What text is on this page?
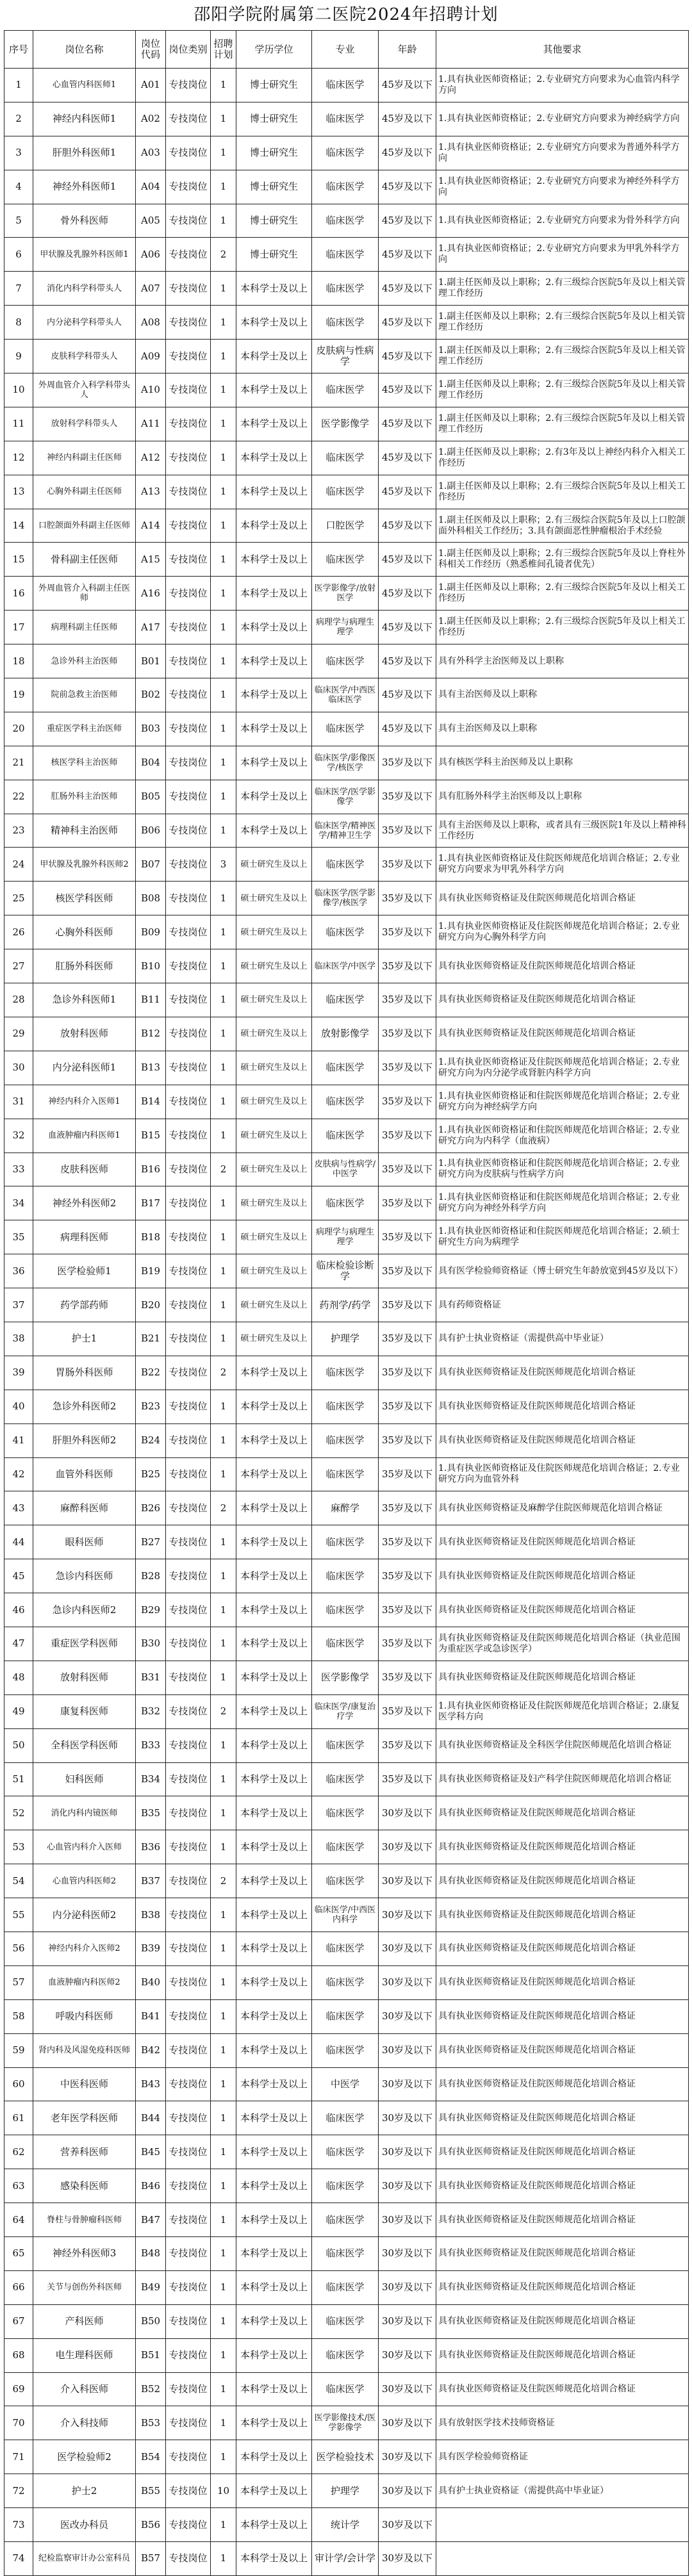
邵阳学院附属第二医院2024年招聘计划
序号	岗位名称	岗位代码	岗位类别	招聘计划	学历学位	专业	年龄	其他要求
1	心血管内科医师1	A01	专技岗位	1	博士研究生	临床医学	45岁及以下	1.具有执业医师资格证；2.专业研究方向要求为心血管内科学方向
2	神经内科医师1	A02	专技岗位	1	博士研究生	临床医学	45岁及以下	1.具有执业医师资格证；2.专业研究方向要求为神经病学方向
3	肝胆外科医师1	A03	专技岗位	1	博士研究生	临床医学	45岁及以下	1.具有执业医师资格证；2.专业研究方向要求为普通外科学方向
4	神经外科医师1	A04	专技岗位	1	博士研究生	临床医学	45岁及以下	1.具有执业医师资格证；2.专业研究方向要求为神经外科学方向
5	骨外科医师	A05	专技岗位	1	博士研究生	临床医学	45岁及以下	1.具有执业医师资格证；2.专业研究方向要求为骨外科学方向
6	甲状腺及乳腺外科医师1	A06	专技岗位	2	博士研究生	临床医学	45岁及以下	1.具有执业医师资格证；2.专业研究方向要求为甲乳外科学方向
7	消化内科学科带头人	A07	专技岗位	1	本科学士及以上	临床医学	45岁及以下	1.副主任医师及以上职称；2.有三级综合医院5年及以上相关管理工作经历
8	内分泌科学科带头人	A08	专技岗位	1	本科学士及以上	临床医学	45岁及以下	1.副主任医师及以上职称；2.有三级综合医院5年及以上相关管理工作经历
9	皮肤科学科带头人	A09	专技岗位	1	本科学士及以上	皮肤病与性病学	45岁及以下	1.副主任医师及以上职称；2.有三级综合医院5年及以上相关管理工作经历
10	外周血管介入科学科带头人	A10	专技岗位	1	本科学士及以上	临床医学	45岁及以下	1.副主任医师及以上职称；2.有三级综合医院5年及以上相关管理工作经历
11	放射科学科带头人	A11	专技岗位	1	本科学士及以上	医学影像学	45岁及以下	1.副主任医师及以上职称；2.有三级综合医院5年及以上相关管理工作经历
12	神经内科副主任医师	A12	专技岗位	1	本科学士及以上	临床医学	45岁及以下	1.副主任医师及以上职称；2.有3年及以上神经内科介入相关工作经历
13	心胸外科副主任医师	A13	专技岗位	1	本科学士及以上	临床医学	45岁及以下	1.副主任医师及以上职称；2.有三级综合医院5年及以上相关工作经历
14	口腔颌面外科副主任医师	A14	专技岗位	1	本科学士及以上	口腔医学	45岁及以下	1.副主任医师及以上职称；2.有三级综合医院5年及以上口腔颌面外科相关工作经历；3.具有颌面恶性肿瘤根治手术经验
15	骨科副主任医师	A15	专技岗位	1	本科学士及以上	临床医学	45岁及以下	1.副主任医师及以上职称；2.有三级综合医院5年及以上脊柱外科相关工作经历（熟悉椎间孔镜者优先）
16	外周血管介入科副主任医师	A16	专技岗位	1	本科学士及以上	医学影像学/放射医学	45岁及以下	1.副主任医师及以上职称；2.有三级综合医院5年及以上相关工作经历
17	病理科副主任医师	A17	专技岗位	1	本科学士及以上	病理学与病理生理学	45岁及以下	1.副主任医师及以上职称；2.有三级综合医院5年及以上相关工作经历
18	急诊外科主治医师	B01	专技岗位	1	本科学士及以上	临床医学	45岁及以下	具有外科学主治医师及以上职称
19	院前急救主治医师	B02	专技岗位	1	本科学士及以上	临床医学/中西医临床医学	45岁及以下	具有主治医师及以上职称
20	重症医学科主治医师	B03	专技岗位	1	本科学士及以上	临床医学	45岁及以下	具有主治医师及以上职称
21	核医学科主治医师	B04	专技岗位	1	本科学士及以上	临床医学/影像医学/核医学	35岁及以下	具有核医学科主治医师及以上职称
22	肛肠外科主治医师	B05	专技岗位	1	本科学士及以上	临床医学/医学影像学	35岁及以下	具有肛肠外科学主治医师及以上职称
23	精神科主治医师	B06	专技岗位	1	本科学士及以上	临床医学/精神医学/精神卫生学	35岁及以下	具有主治医师及以上职称，或者具有三级医院1年及以上精神科工作经历
24	甲状腺及乳腺外科医师2	B07	专技岗位	3	硕士研究生及以上	临床医学	35岁及以下	1.具有执业医师资格证及住院医师规范化培训合格证；2.专业研究方向要求为甲乳外科学方向
25	核医学科医师	B08	专技岗位	1	硕士研究生及以上	临床医学/医学影像学/核医学	35岁及以下	具有执业医师资格证及住院医师规范化培训合格证
26	心胸外科医师	B09	专技岗位	1	硕士研究生及以上	临床医学	35岁及以下	1.具有执业医师资格证及住院医师规范化培训合格证；2.专业研究方向为心胸外科学方向
27	肛肠外科医师	B10	专技岗位	1	硕士研究生及以上	临床医学/中医学	35岁及以下	具有执业医师资格证及住院医师规范化培训合格证
28	急诊外科医师1	B11	专技岗位	1	硕士研究生及以上	临床医学	35岁及以下	具有执业医师资格证及住院医师规范化培训合格证
29	放射科医师	B12	专技岗位	1	硕士研究生及以上	放射影像学	35岁及以下	具有执业医师资格证及住院医师规范化培训合格证
30	内分泌科医师1	B13	专技岗位	1	硕士研究生及以上	临床医学	35岁及以下	1.具有执业医师资格证及住院医师规范化培训合格证；2.专业研究方向为内分泌学或肾脏内科学方向
31	神经内科介入医师1	B14	专技岗位	1	硕士研究生及以上	临床医学	35岁及以下	1.具有执业医师资格证和住院医师规范化培训合格证；2.专业研究方向为神经病学方向
32	血液肿瘤内科医师1	B15	专技岗位	1	硕士研究生及以上	临床医学	35岁及以下	1.具有执业医师资格证和住院医师规范化培训合格证；2.专业研究方向为内科学（血液病）
33	皮肤科医师	B16	专技岗位	2	硕士研究生及以上	皮肤病与性病学/中医学	35岁及以下	1.具有执业医师资格证和住院医师规范化培训合格证；2.专业研究方向为皮肤病与性病学方向
34	神经外科医师2	B17	专技岗位	1	硕士研究生及以上	临床医学	35岁及以下	1.具有执业医师资格证和住院医师规范化培训合格证；2.专业研究方向为神经外科学方向
35	病理科医师	B18	专技岗位	1	硕士研究生及以上	病理学与病理生理学	35岁及以下	1.具有执业医师资格证和住院医师规范化培训合格证；2.硕士研究生方向为病理学
36	医学检验师1	B19	专技岗位	1	硕士研究生及以上	临床检验诊断学	35岁及以下	具有医学检验师资格证（博士研究生年龄放宽到45岁及以下）
37	药学部药师	B20	专技岗位	1	硕士研究生及以上	药剂学/药学	35岁及以下	具有药师资格证
38	护士1	B21	专技岗位	1	硕士研究生及以上	护理学	35岁及以下	具有护士执业资格证（需提供高中毕业证）
39	胃肠外科医师	B22	专技岗位	2	本科学士及以上	临床医学	35岁及以下	具有执业医师资格证及住院医师规范化培训合格证
40	急诊外科医师2	B23	专技岗位	1	本科学士及以上	临床医学	35岁及以下	具有执业医师资格证及住院医师规范化培训合格证
41	肝胆外科医师2	B24	专技岗位	1	本科学士及以上	临床医学	35岁及以下	具有执业医师资格证及住院医师规范化培训合格证
42	血管外科医师	B25	专技岗位	1	本科学士及以上	临床医学	35岁及以下	1.具有执业医师资格证及住院医师规范化培训合格证；2.专业研究方向为血管外科
43	麻醉科医师	B26	专技岗位	2	本科学士及以上	麻醉学	35岁及以下	具有执业医师资格证及麻醉学住院医师规范化培训合格证
44	眼科医师	B27	专技岗位	1	本科学士及以上	临床医学	35岁及以下	具有执业医师资格证及住院医师规范化培训合格证
45	急诊内科医师	B28	专技岗位	1	本科学士及以上	临床医学	35岁及以下	具有执业医师资格证及住院医师规范化培训合格证
46	急诊内科医师2	B29	专技岗位	1	本科学士及以上	临床医学	35岁及以下	具有执业医师资格证及住院医师规范化培训合格证
47	重症医学科医师	B30	专技岗位	1	本科学士及以上	临床医学	35岁及以下	具有执业医师资格证及住院医师规范化培训合格证（执业范围为重症医学或急诊医学）
48	放射科医师	B31	专技岗位	1	本科学士及以上	医学影像学	35岁及以下	具有执业医师资格证及住院医师规范化培训合格证
49	康复科医师	B32	专技岗位	2	本科学士及以上	临床医学/康复治疗学	35岁及以下	1.具有执业医师资格证及住院医师规范化培训合格证；2.康复医学科方向
50	全科医学科医师	B33	专技岗位	1	本科学士及以上	临床医学	35岁及以下	具有执业医师资格证及全科医学住院医师规范化培训合格证
51	妇科医师	B34	专技岗位	1	本科学士及以上	临床医学	35岁及以下	具有执业医师资格证及妇产科学住院医师规范化培训合格证
52	消化内科内镜医师	B35	专技岗位	1	本科学士及以上	临床医学	30岁及以下	具有执业医师资格证及住院医师规范化培训合格证
53	心血管内科介入医师	B36	专技岗位	1	本科学士及以上	临床医学	30岁及以下	具有执业医师资格证及住院医师规范化培训合格证
54	心血管内科医师2	B37	专技岗位	2	本科学士及以上	临床医学	30岁及以下	具有执业医师资格证及住院医师规范化培训合格证
55	内分泌科医师2	B38	专技岗位	1	本科学士及以上	临床医学/中西医内科学	30岁及以下	具有执业医师资格证及住院医师规范化培训合格证
56	神经内科介入医师2	B39	专技岗位	1	本科学士及以上	临床医学	30岁及以下	具有执业医师资格证及住院医师规范化培训合格证
57	血液肿瘤内科医师2	B40	专技岗位	1	本科学士及以上	临床医学	30岁及以下	具有执业医师资格证及住院医师规范化培训合格证
58	呼吸内科医师	B41	专技岗位	1	本科学士及以上	临床医学	30岁及以下	具有执业医师资格证及住院医师规范化培训合格证
59	肾内科及风湿免疫科医师	B42	专技岗位	1	本科学士及以上	临床医学	30岁及以下	具有执业医师资格证及住院医师规范化培训合格证
60	中医科医师	B43	专技岗位	1	本科学士及以上	中医学	30岁及以下	具有执业医师资格证及住院医师规范化培训合格证
61	老年医学科医师	B44	专技岗位	1	本科学士及以上	临床医学	30岁及以下	具有执业医师资格证及住院医师规范化培训合格证
62	营养科医师	B45	专技岗位	1	本科学士及以上	临床医学	30岁及以下	具有执业医师资格证及住院医师规范化培训合格证
63	感染科医师	B46	专技岗位	1	本科学士及以上	临床医学	30岁及以下	具有执业医师资格证及住院医师规范化培训合格证
64	脊柱与骨肿瘤科医师	B47	专技岗位	1	本科学士及以上	临床医学	30岁及以下	具有执业医师资格证及住院医师规范化培训合格证
65	神经外科医师3	B48	专技岗位	1	本科学士及以上	临床医学	30岁及以下	具有执业医师资格证及住院医师规范化培训合格证
66	关节与创伤外科医师	B49	专技岗位	1	本科学士及以上	临床医学	30岁及以下	具有执业医师资格证及住院医师规范化培训合格证
67	产科医师	B50	专技岗位	1	本科学士及以上	临床医学	30岁及以下	具有执业医师资格证及住院医师规范化培训合格证
68	电生理科医师	B51	专技岗位	1	本科学士及以上	临床医学	30岁及以下	具有执业医师资格证及住院医师规范化培训合格证
69	介入科医师	B52	专技岗位	1	本科学士及以上	临床医学	30岁及以下	具有执业医师资格证及住院医师规范化培训合格证
70	介入科技师	B53	专技岗位	1	本科学士及以上	医学影像技术/医学影像学	30岁及以下	具有放射医学技术技师资格证
71	医学检验师2	B54	专技岗位	1	本科学士及以上	医学检验技术	30岁及以下	具有医学检验师资格证
72	护士2	B55	专技岗位	10	本科学士及以上	护理学	30岁及以下	具有护士执业资格证（需提供高中毕业证）
73	医改办科员	B56	专技岗位	1	本科学士及以上	统计学	30岁及以下	
74	纪检监察审计办公室科员	B57	专技岗位	1	本科学士及以上	审计学/会计学	30岁及以下	
